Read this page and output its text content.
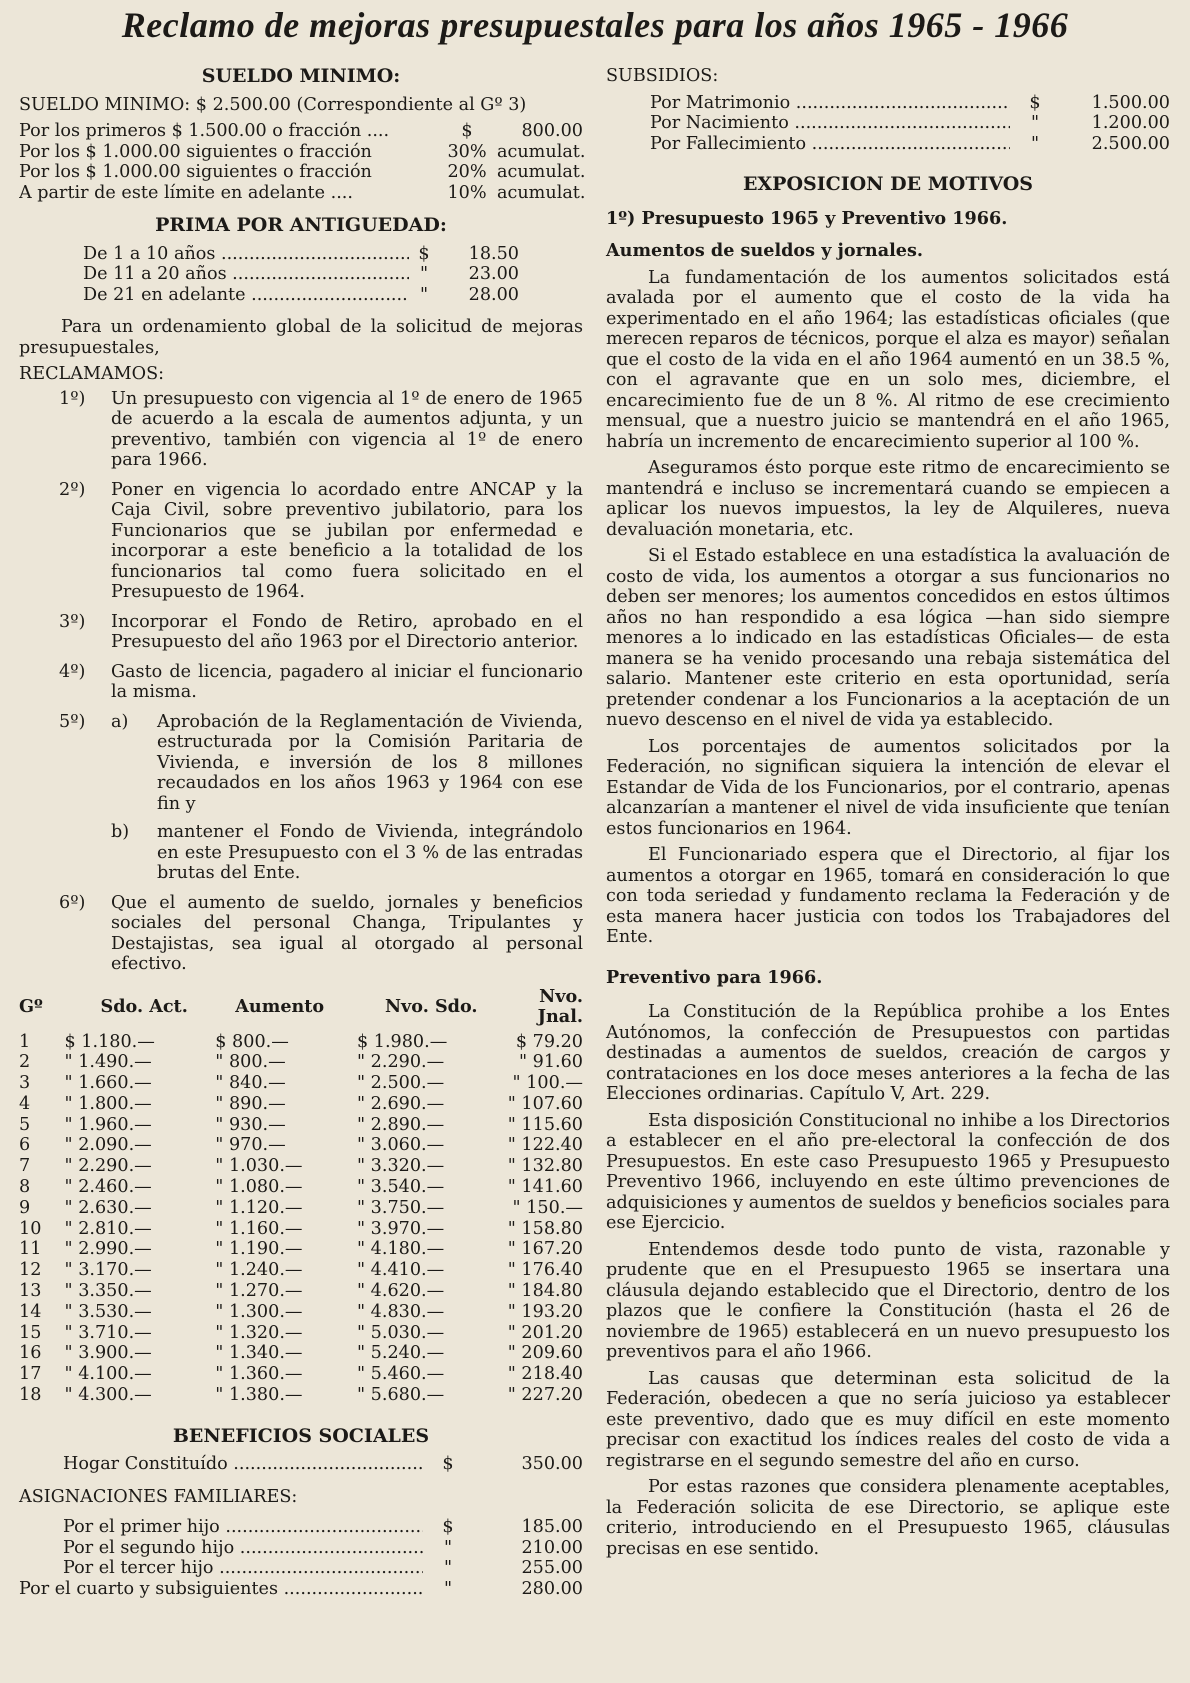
Reclamo de mejoras presupuestales para los años 1965 - 1966
SUELDO MINIMO:
SUELDO MINIMO: $ 2.500.00 (Correspondiente al Gº 3)
Por los primeros $ 1.500.00 o fracción ....	$	800.00
Por los $ 1.000.00 siguientes o fracción	30% acumulat.
Por los $ 1.000.00 siguientes o fracción	20% acumulat.
A partir de este límite en adelante ....	10% acumulat.
PRIMA POR ANTIGUEDAD:
De 1 a 10 años .....	$	18.50
De 11 a 20 años .....	"	23.00
De 21 en adelante .....	"	28.00
Para un ordenamiento global de la solicitud de mejoras presupuestales,
RECLAMAMOS:
1º)	Un presupuesto con vigencia al 1º de enero de 1965 de acuerdo a la escala de aumentos adjunta, y un preventivo, también con vigencia al 1º de enero para 1966.
2º)	Poner en vigencia lo acordado entre ANCAP y la Caja Civil, sobre preventivo jubilatorio, para los Funcionarios que se jubilan por enfermedad e incorporar a este beneficio a la totalidad de los funcionarios tal como fuera solicitado en el Presupuesto de 1964.
3º)	Incorporar el Fondo de Retiro, aprobado en el Presupuesto del año 1963 por el Directorio anterior.
4º)	Gasto de licencia, pagadero al iniciar el funcionario la misma.
5º)	a)	Aprobación de la Reglamentación de Vivienda, estructurada por la Comisión Paritaria de Vivienda, e inversión de los 8 millones recaudados en los años 1963 y 1964 con ese fin y
b)	mantener el Fondo de Vivienda, integrándolo en este Presupuesto con el 3 % de las entradas brutas del Ente.
6º)	Que el aumento de sueldo, jornales y beneficios sociales del personal Changa, Tripulantes y Destajistas, sea igual al otorgado al personal efectivo.
Gº	Sdo. Act.	Aumento	Nvo. Sdo.	Nvo. Jnal.
1	$ 1.180.—	$ 800.—	$ 1.980.—	$ 79.20
2	" 1.490.—	" 800.—	" 2.290.—	" 91.60
3	" 1.660.—	" 840.—	" 2.500.—	" 100.—
4	" 1.800.—	" 890.—	" 2.690.—	" 107.60
5	" 1.960.—	" 930.—	" 2.890.—	" 115.60
6	" 2.090.—	" 970.—	" 3.060.—	" 122.40
7	" 2.290.—	" 1.030.—	" 3.320.—	" 132.80
8	" 2.460.—	" 1.080.—	" 3.540.—	" 141.60
9	" 2.630.—	" 1.120.—	" 3.750.—	" 150.—
10	" 2.810.—	" 1.160.—	" 3.970.—	" 158.80
11	" 2.990.—	" 1.190.—	" 4.180.—	" 167.20
12	" 3.170.—	" 1.240.—	" 4.410.—	" 176.40
13	" 3.350.—	" 1.270.—	" 4.620.—	" 184.80
14	" 3.530.—	" 1.300.—	" 4.830.—	" 193.20
15	" 3.710.—	" 1.320.—	" 5.030.—	" 201.20
16	" 3.900.—	" 1.340.—	" 5.240.—	" 209.60
17	" 4.100.—	" 1.360.—	" 5.460.—	" 218.40
18	" 4.300.—	" 1.380.—	" 5.680.—	" 227.20
BENEFICIOS SOCIALES
Hogar Constituído .....	$	350.00
ASIGNACIONES FAMILIARES:
Por el primer hijo .....	$	185.00
Por el segundo hijo .....	"	210.00
Por el tercer hijo .....	"	255.00
Por el cuarto y subsiguientes .....	"	280.00
SUBSIDIOS:
Por Matrimonio .....	$	1.500.00
Por Nacimiento .....	"	1.200.00
Por Fallecimiento .....	"	2.500.00
EXPOSICION DE MOTIVOS
1º) Presupuesto 1965 y Preventivo 1966.
Aumentos de sueldos y jornales.
La fundamentación de los aumentos solicitados está avalada por el aumento que el costo de la vida ha experimentado en el año 1964; las estadísticas oficiales (que merecen reparos de técnicos, porque el alza es mayor) señalan que el costo de la vida en el año 1964 aumentó en un 38.5 %, con el agravante que en un solo mes, diciembre, el encarecimiento fue de un 8 %. Al ritmo de ese crecimiento mensual, que a nuestro juicio se mantendrá en el año 1965, habría un incremento de encarecimiento superior al 100 %.
Aseguramos ésto porque este ritmo de encarecimiento se mantendrá e incluso se incrementará cuando se empiecen a aplicar los nuevos impuestos, la ley de Alquileres, nueva devaluación monetaria, etc.
Si el Estado establece en una estadística la avaluación de costo de vida, los aumentos a otorgar a sus funcionarios no deben ser menores; los aumentos concedidos en estos últimos años no han respondido a esa lógica —han sido siempre menores a lo indicado en las estadísticas Oficiales— de esta manera se ha venido procesando una rebaja sistemática del salario. Mantener este criterio en esta oportunidad, sería pretender condenar a los Funcionarios a la aceptación de un nuevo descenso en el nivel de vida ya establecido.
Los porcentajes de aumentos solicitados por la Federación, no significan siquiera la intención de elevar el Estandar de Vida de los Funcionarios, por el contrario, apenas alcanzarían a mantener el nivel de vida insuficiente que tenían estos funcionarios en 1964.
El Funcionariado espera que el Directorio, al fijar los aumentos a otorgar en 1965, tomará en consideración lo que con toda seriedad y fundamento reclama la Federación y de esta manera hacer justicia con todos los Trabajadores del Ente.
Preventivo para 1966.
La Constitución de la República prohibe a los Entes Autónomos, la confección de Presupuestos con partidas destinadas a aumentos de sueldos, creación de cargos y contrataciones en los doce meses anteriores a la fecha de las Elecciones ordinarias. Capítulo V, Art. 229.
Esta disposición Constitucional no inhibe a los Directorios a establecer en el año pre-electoral la confección de dos Presupuestos. En este caso Presupuesto 1965 y Presupuesto Preventivo 1966, incluyendo en este último prevenciones de adquisiciones y aumentos de sueldos y beneficios sociales para ese Ejercicio.
Entendemos desde todo punto de vista, razonable y prudente que en el Presupuesto 1965 se insertara una cláusula dejando establecido que el Directorio, dentro de los plazos que le confiere la Constitución (hasta el 26 de noviembre de 1965) establecerá en un nuevo presupuesto los preventivos para el año 1966.
Las causas que determinan esta solicitud de la Federación, obedecen a que no sería juicioso ya establecer este preventivo, dado que es muy difícil en este momento precisar con exactitud los índices reales del costo de vida a registrarse en el segundo semestre del año en curso.
Por estas razones que considera plenamente aceptables, la Federación solicita de ese Directorio, se aplique este criterio, introduciendo en el Presupuesto 1965, cláusulas precisas en ese sentido.
